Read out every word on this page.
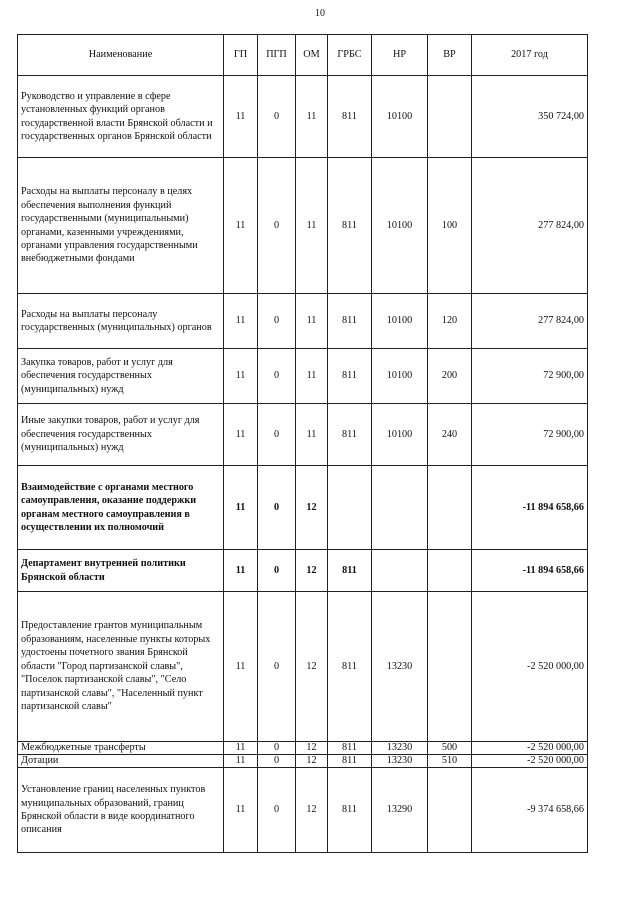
10
Наименование	ГП	ПГП	ОМ	ГРБС	НР	ВР	2017 год
Руководство и управление в сфере установленных функций органов государственной власти Брянской области и государственных органов Брянской области	11	0	11	811	10100		350 724,00
Расходы на выплаты персоналу в целях обеспечения выполнения функций государственными (муниципальными) органами, казенными учреждениями, органами управления государственными внебюджетными фондами	11	0	11	811	10100	100	277 824,00
Расходы на выплаты персоналу государственных (муниципальных) органов	11	0	11	811	10100	120	277 824,00
Закупка товаров, работ и услуг для обеспечения государственных (муниципальных) нужд	11	0	11	811	10100	200	72 900,00
Иные закупки товаров, работ и услуг для обеспечения государственных (муниципальных) нужд	11	0	11	811	10100	240	72 900,00
Взаимодействие с органами местного самоуправления, оказание поддержки органам местного самоуправления в осуществлении их полномочий	11	0	12				-11 894 658,66
Департамент внутренней политики Брянской области	11	0	12	811			-11 894 658,66
Предоставление грантов муниципальным образованиям, населенные пункты которых удостоены почетного звания Брянской области "Город партизанской славы", "Поселок партизанской славы", "Село партизанской славы", "Населенный пункт партизанской славы"	11	0	12	811	13230		-2 520 000,00
Межбюджетные трансферты	11	0	12	811	13230	500	-2 520 000,00
Дотации	11	0	12	811	13230	510	-2 520 000,00
Установление границ населенных пунктов муниципальных образований, границ Брянской области в виде координатного описания	11	0	12	811	13290		-9 374 658,66
